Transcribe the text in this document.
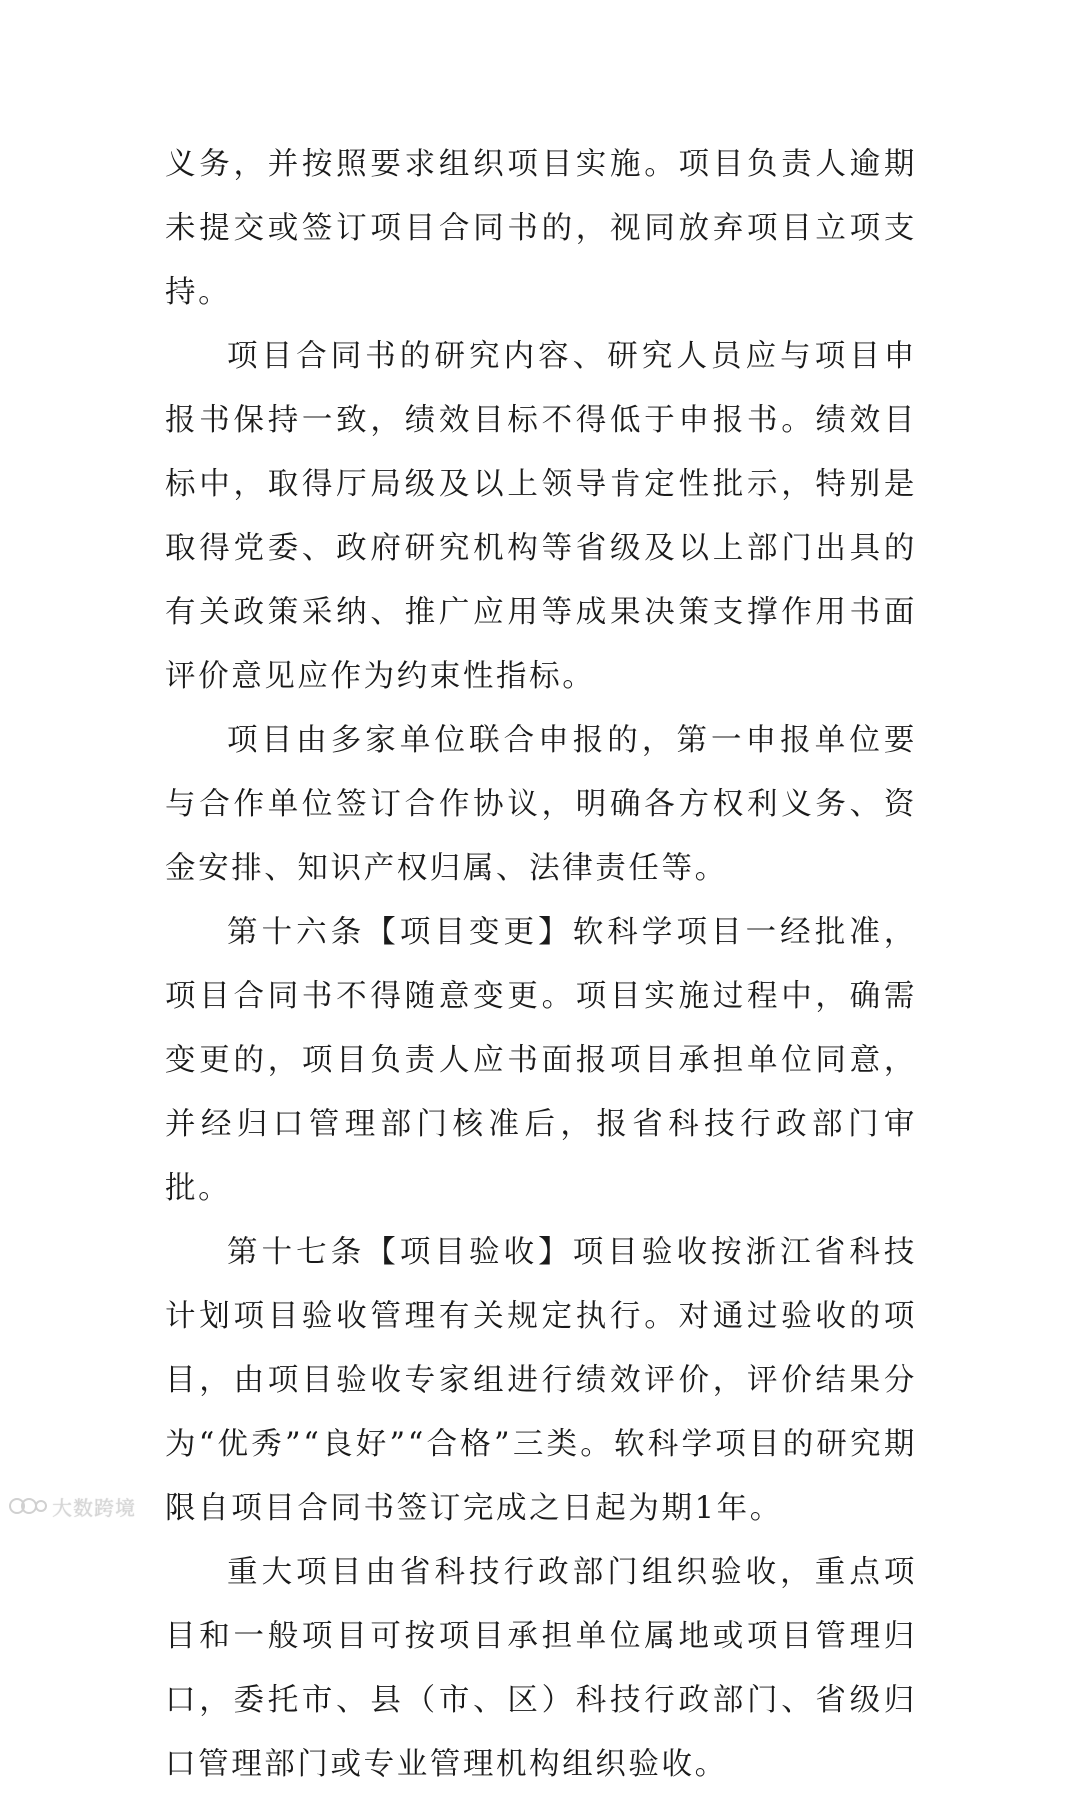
义务，并按照要求组织项目实施。项目负责人逾期未提交或签订项目合同书的，视同放弃项目立项支持。

项目合同书的研究内容、研究人员应与项目申报书保持一致，绩效目标不得低于申报书。绩效目标中，取得厅局级及以上领导肯定性批示，特别是取得党委、政府研究机构等省级及以上部门出具的有关政策采纳、推广应用等成果决策支撑作用书面评价意见应作为约束性指标。

项目由多家单位联合申报的，第一申报单位要与合作单位签订合作协议，明确各方权利义务、资金安排、知识产权归属、法律责任等。

第十六条【项目变更】软科学项目一经批准，项目合同书不得随意变更。项目实施过程中，确需变更的，项目负责人应书面报项目承担单位同意，并经归口管理部门核准后，报省科技行政部门审批。

第十七条【项目验收】项目验收按浙江省科技计划项目验收管理有关规定执行。对通过验收的项目，由项目验收专家组进行绩效评价，评价结果分为“优秀”“良好”“合格”三类。软科学项目的研究期限自项目合同书签订完成之日起为期1年。

重大项目由省科技行政部门组织验收，重点项目和一般项目可按项目承担单位属地或项目管理归口，委托市、县（市、区）科技行政部门、省级归口管理部门或专业管理机构组织验收。

大数跨境
